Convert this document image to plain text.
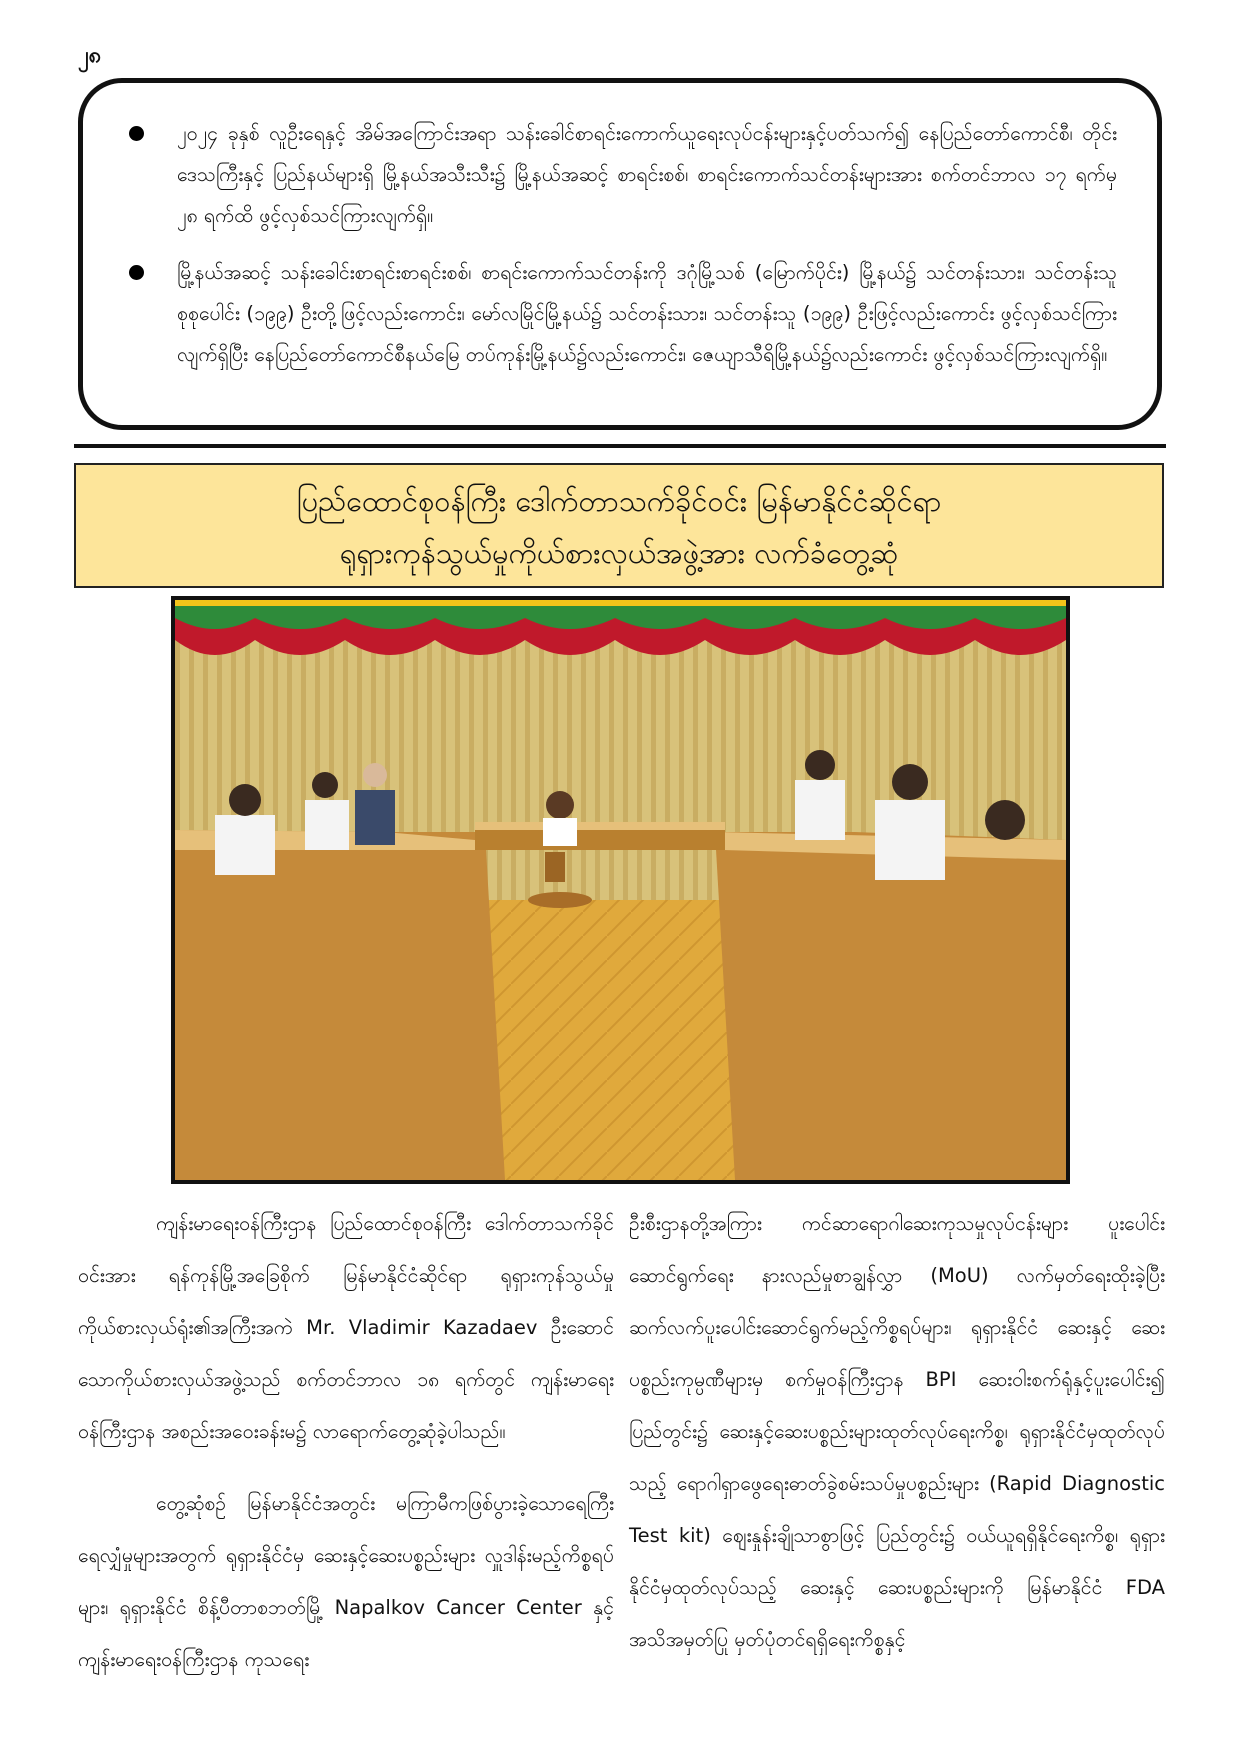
၂၈
၂၀၂၄ ခုနှစ် လူဦးရေနှင့် အိမ်အကြောင်းအရာ သန်းခေါင်စာရင်းကောက်ယူရေးလုပ်ငန်းများနှင့်ပတ်သက်၍ နေပြည်တော်ကောင်စီ၊ တိုင်းဒေသကြီးနှင့် ပြည်နယ်များရှိ မြို့နယ်အသီးသီး၌ မြို့နယ်အဆင့် စာရင်းစစ်၊ စာရင်းကောက်သင်တန်းများအား စက်တင်ဘာလ ၁၇ ရက်မှ ၂၈ ရက်ထိ ဖွင့်လှစ်သင်ကြားလျက်ရှိ။
မြို့နယ်အဆင့် သန်းခေါင်းစာရင်းစာရင်းစစ်၊ စာရင်းကောက်သင်တန်းကို ဒဂုံမြို့သစ် (မြောက်ပိုင်း) မြို့နယ်၌ သင်တန်းသား၊ သင်တန်းသူ စုစုပေါင်း (၁၉၉) ဦးတို့ဖြင့်လည်းကောင်း၊ မော်လမြိုင်မြို့နယ်၌ သင်တန်းသား၊ သင်တန်းသူ (၁၉၉) ဦးဖြင့်လည်းကောင်း ဖွင့်လှစ်သင်ကြားလျက်ရှိပြီး နေပြည်တော်ကောင်စီနယ်မြေ တပ်ကုန်းမြို့နယ်၌လည်းကောင်း၊ ဇေယျာသီရိမြို့နယ်၌လည်းကောင်း ဖွင့်လှစ်သင်ကြားလျက်ရှိ။
ပြည်ထောင်စုဝန်ကြီး ဒေါက်တာသက်ခိုင်ဝင်း မြန်မာနိုင်ငံဆိုင်ရာ
ရုရှားကုန်သွယ်မှုကိုယ်စားလှယ်အဖွဲ့အား လက်ခံတွေ့ဆုံ

ကျန်းမာရေးဝန်ကြီးဌာန ပြည်ထောင်စုဝန်ကြီး ဒေါက်တာသက်ခိုင်ဝင်းအား ရန်ကုန်မြို့အခြေစိုက် မြန်မာနိုင်ငံဆိုင်ရာ ရုရှားကုန်သွယ်မှုကိုယ်စားလှယ်ရုံး၏အကြီးအကဲ Mr. Vladimir Kazadaev ဦးဆောင်သောကိုယ်စားလှယ်အဖွဲ့သည် စက်တင်ဘာလ ၁၈ ရက်တွင် ကျန်းမာရေးဝန်ကြီးဌာန အစည်းအဝေးခန်းမ၌ လာရောက်တွေ့ဆုံခဲ့ပါသည်။

တွေ့ဆုံစဉ် မြန်မာနိုင်ငံအတွင်း မကြာမီကဖြစ်ပွားခဲ့သောရေကြီးရေလျှံမှုများအတွက် ရုရှားနိုင်ငံမှ ဆေးနှင့်ဆေးပစ္စည်းများ လှူဒါန်းမည့်ကိစ္စရပ်များ၊ ရုရှားနိုင်ငံ စိန့်ပီတာစဘတ်မြို့ Napalkov Cancer Center နှင့် ကျန်းမာရေးဝန်ကြီးဌာန ကုသရေး

ဦးစီးဌာနတို့အကြား ကင်ဆာရောဂါဆေးကုသမှုလုပ်ငန်းများ ပူးပေါင်းဆောင်ရွက်ရေး နားလည်မှုစာချွန်လွှာ (MoU) လက်မှတ်ရေးထိုးခဲ့ပြီး ဆက်လက်ပူးပေါင်းဆောင်ရွက်မည့်ကိစ္စရပ်များ၊ ရုရှားနိုင်ငံ ဆေးနှင့် ဆေးပစ္စည်းကုမ္ပဏီများမှ စက်မှုဝန်ကြီးဌာန BPI ဆေးဝါးစက်ရုံနှင့်ပူးပေါင်း၍ ပြည်တွင်း၌ ဆေးနှင့်ဆေးပစ္စည်းများထုတ်လုပ်ရေးကိစ္စ၊ ရုရှားနိုင်ငံမှထုတ်လုပ်သည့် ရောဂါရှာဖွေရေးဓာတ်ခွဲစမ်းသပ်မှုပစ္စည်းများ (Rapid Diagnostic Test kit) ဈေးနှုန်းချိုသာစွာဖြင့် ပြည်တွင်း၌ ဝယ်ယူရရှိနိုင်ရေးကိစ္စ၊ ရုရှားနိုင်ငံမှထုတ်လုပ်သည့် ဆေးနှင့် ဆေးပစ္စည်းများကို မြန်မာနိုင်ငံ FDA အသိအမှတ်ပြု မှတ်ပုံတင်ရရှိရေးကိစ္စနှင့်
